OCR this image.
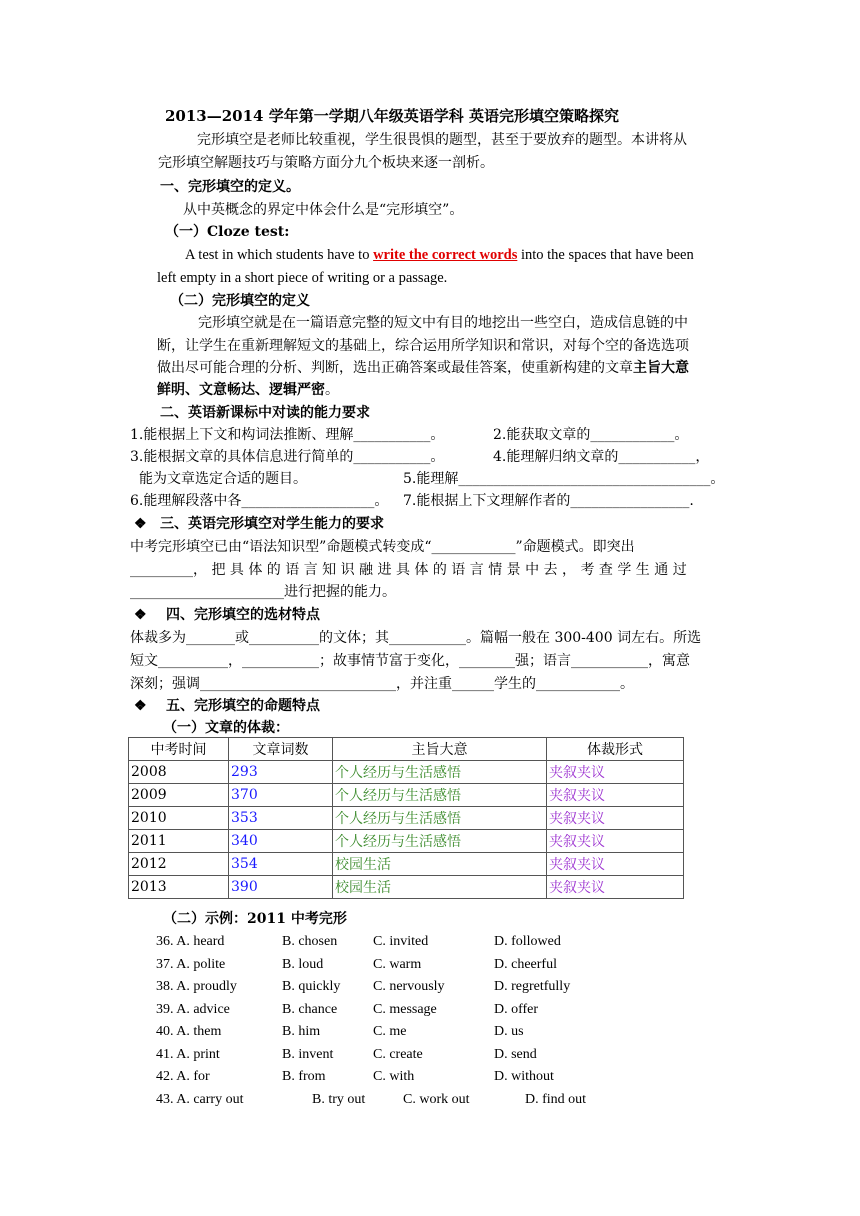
2013—2014 学年第一学期八年级英语学科 英语完形填空策略探究
完形填空是老师比较重视，学生很畏惧的题型，甚至于要放弃的题型。本讲将从
完形填空解题技巧与策略方面分九个板块来逐一剖析。
一、完形填空的定义。
从中英概念的界定中体会什么是“完形填空”。
（一）Cloze test:
A test in which students have to write the correct words into the spaces that have been
left empty in a short piece of writing or a passage.
（二）完形填空的定义
完形填空就是在一篇语意完整的短文中有目的地挖出一些空白，造成信息链的中
断，让学生在重新理解短文的基础上，综合运用所学知识和常识，对每个空的备选选项
做出尽可能合理的分析、判断，选出正确答案或最佳答案，使重新构建的文章主旨大意
鲜明、文意畅达、逻辑严密。
二、英语新课标中对读的能力要求
1.能根据上下文和构词法推断、理解___________。	2.能获取文章的____________。
3.能根据文章的具体信息进行简单的___________。	4.能理解归纳文章的___________，
能为文章选定合适的题目。	5.能理解____________________________________。
6.能理解段落中各___________________。 7.能根据上下文理解作者的_________________.
❖ 三、英语完形填空对学生能力的要求
中考完形填空已由“语法知识型”命题模式转变成“____________”命题模式。即突出
_________， 把 具 体 的 语 言 知 识 融 进 具 体 的 语 言 情 景 中 去 ， 考 查 学 生 通 过
______________________进行把握的能力。
❖ 四、完形填空的选材特点
体裁多为_______或__________的文体；其___________。篇幅一般在 300-400 词左右。所选
短文__________，___________；故事情节富于变化，________强；语言___________，寓意
深刻；强调____________________________，并注重______学生的____________。
❖ 五、完形填空的命题特点
（一）文章的体裁：
中考时间	文章词数	主旨大意	体裁形式
2008	293	个人经历与生活感悟	夹叙夹议
2009	370	个人经历与生活感悟	夹叙夹议
2010	353	个人经历与生活感悟	夹叙夹议
2011	340	个人经历与生活感悟	夹叙夹议
2012	354	校园生活	夹叙夹议
2013	390	校园生活	夹叙夹议
（二）示例：2011 中考完形
36. A. heard	B. chosen	C. invited	D. followed
37. A. polite	B. loud	C. warm	D. cheerful
38. A. proudly	B. quickly C. nervously	D. regretfully
39. A. advice	B. chance	C. message	D. offer
40. A. them	B. him	C. me	D. us
41. A. print	B. invent	C. create	D. send
42. A. for	B. from	C. with	D. without
43. A. carry out	B. try out	C. work out	D. find out
